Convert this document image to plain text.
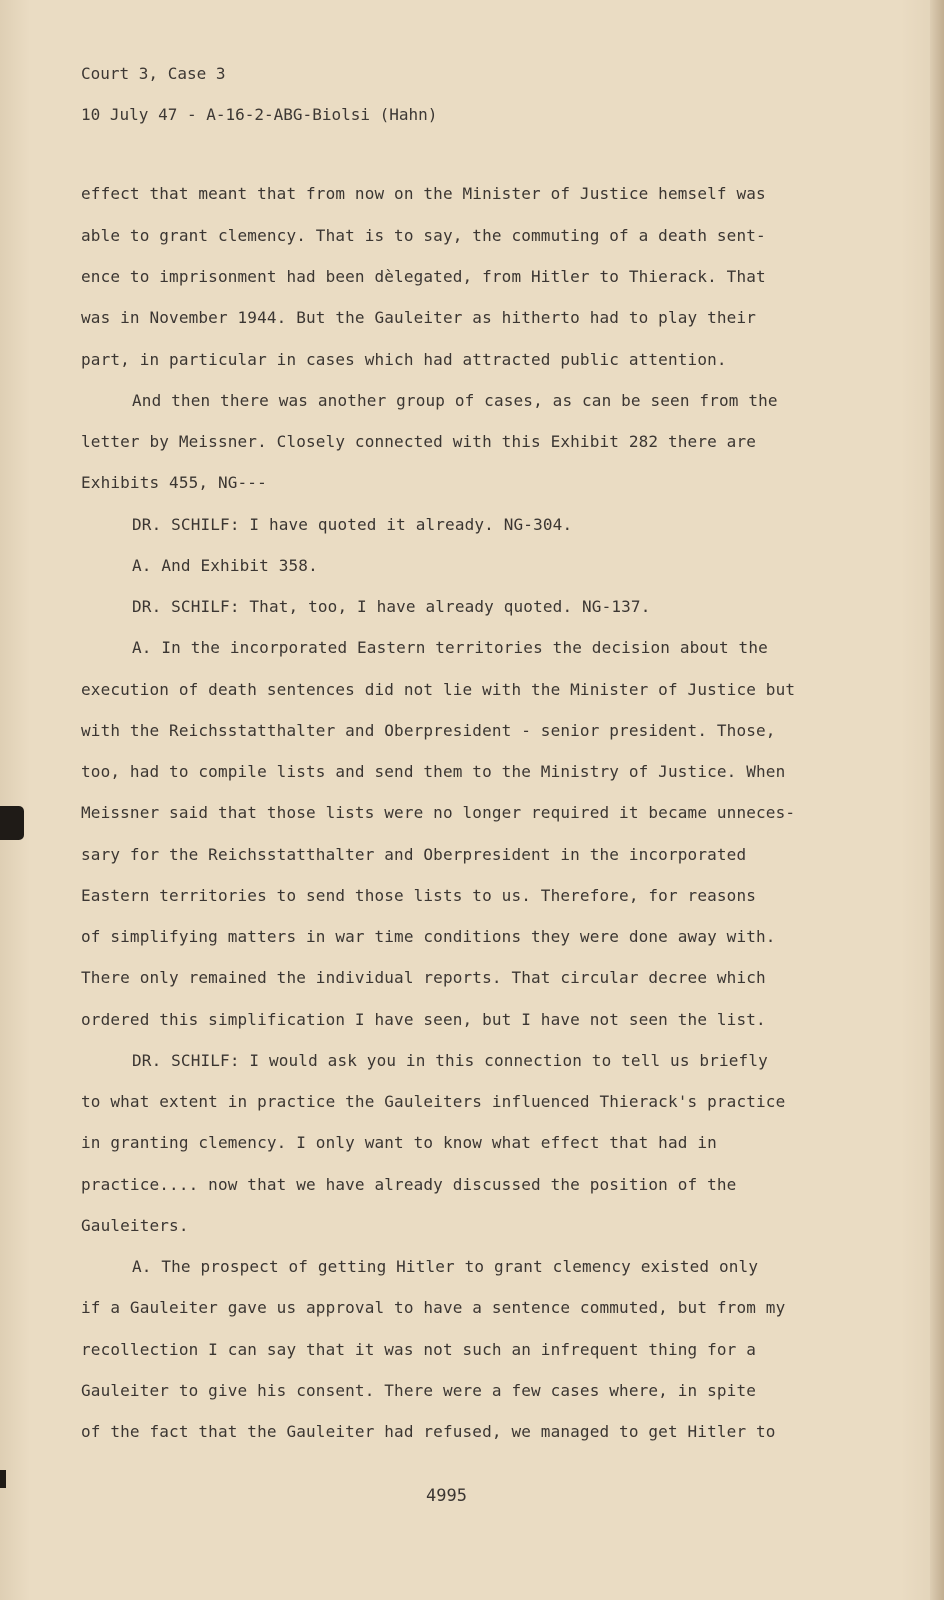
Court 3, Case 3
10 July 47 - A-16-2-ABG-Biolsi (Hahn)
effect that meant that from now on the Minister of Justice hemself was
able to grant clemency. That is to say, the commuting of a death sent-
ence to imprisonment had been dèlegated, from Hitler to Thierack. That
was in November 1944. But the Gauleiter as hitherto had to play their
part, in particular in cases which had attracted public attention.
And then there was another group of cases, as can be seen from the
letter by Meissner. Closely connected with this Exhibit 282 there are
Exhibits 455, NG---
DR. SCHILF: I have quoted it already. NG-304.
A. And Exhibit 358.
DR. SCHILF: That, too, I have already quoted. NG-137.
A. In the incorporated Eastern territories the decision about the
execution of death sentences did not lie with the Minister of Justice but
with the Reichsstatthalter and Oberpresident - senior president. Those,
too, had to compile lists and send them to the Ministry of Justice. When
Meissner said that those lists were no longer required it became unneces-
sary for the Reichsstatthalter and Oberpresident in the incorporated
Eastern territories to send those lists to us. Therefore, for reasons
of simplifying matters in war time conditions they were done away with.
There only remained the individual reports. That circular decree which
ordered this simplification I have seen, but I have not seen the list.
DR. SCHILF: I would ask you in this connection to tell us briefly
to what extent in practice the Gauleiters influenced Thierack's practice
in granting clemency. I only want to know what effect that had in
practice.... now that we have already discussed the position of the
Gauleiters.
A. The prospect of getting Hitler to grant clemency existed only
if a Gauleiter gave us approval to have a sentence commuted, but from my
recollection I can say that it was not such an infrequent thing for a
Gauleiter to give his consent. There were a few cases where, in spite
of the fact that the Gauleiter had refused, we managed to get Hitler to
4995
